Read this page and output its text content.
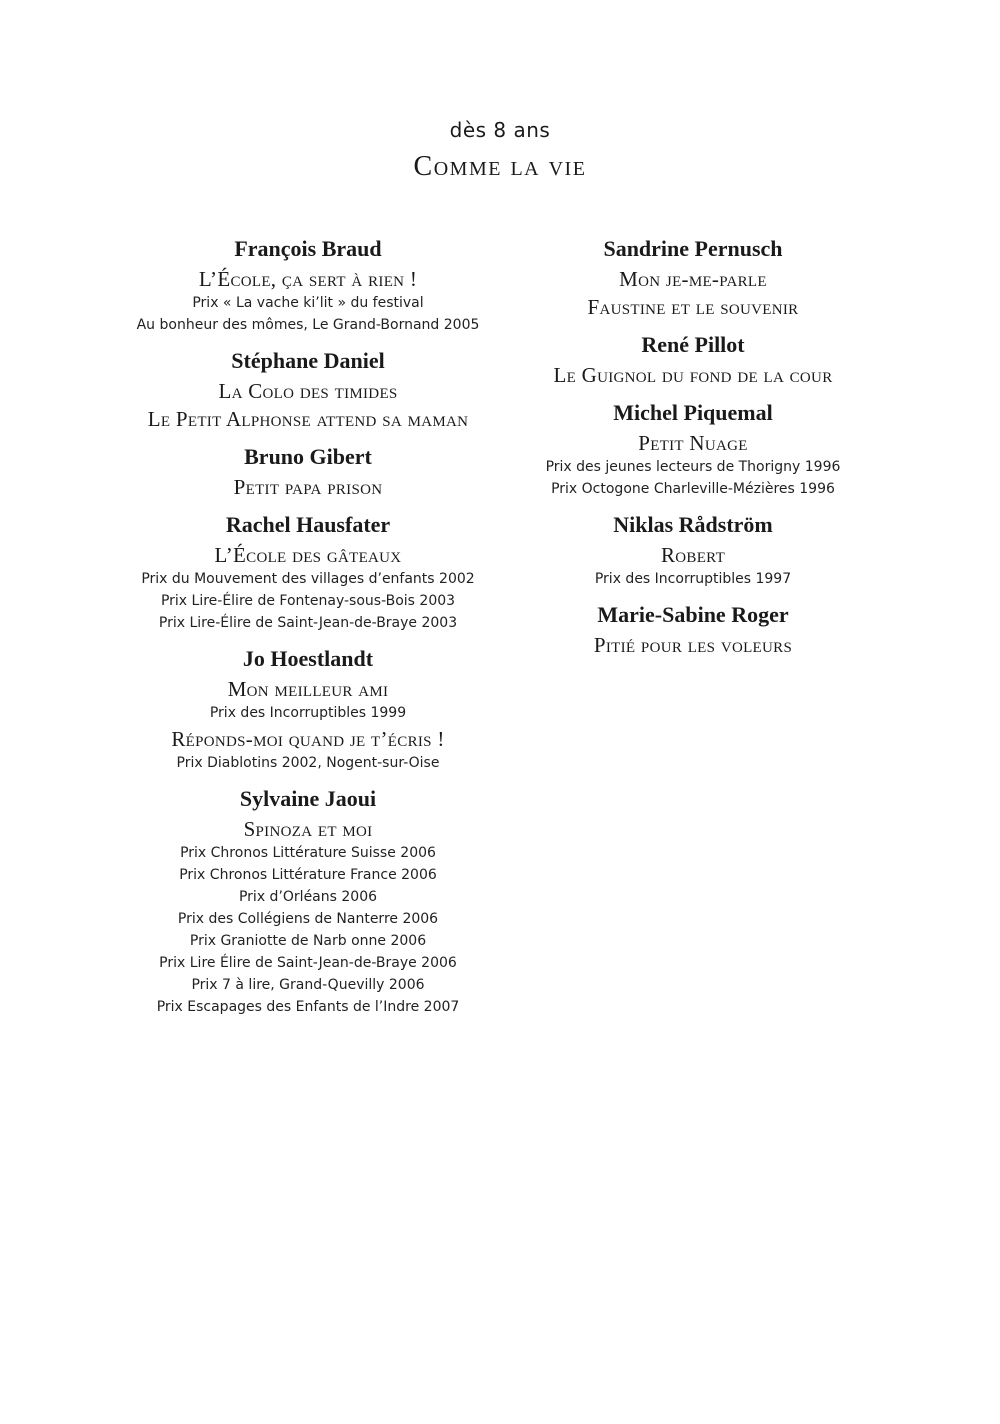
dès 8 ans
Comme la vie
François Braud
L’École, ça sert à rien !
Prix « La vache ki’lit » du festival
Au bonheur des mômes, Le Grand-Bornand 2005
Stéphane Daniel
La Colo des timides
Le Petit Alphonse attend sa maman
Bruno Gibert
Petit papa prison
Rachel Hausfater
L’École des gâteaux
Prix du Mouvement des villages d’enfants 2002
Prix Lire-Élire de Fontenay-sous-Bois 2003
Prix Lire-Élire de Saint-Jean-de-Braye 2003
Jo Hoestlandt
Mon meilleur ami
Prix des Incorruptibles 1999
Réponds-moi quand je t’écris !
Prix Diablotins 2002, Nogent-sur-Oise
Sylvaine Jaoui
Spinoza et moi
Prix Chronos Littérature Suisse 2006
Prix Chronos Littérature France 2006
Prix d’Orléans 2006
Prix des Collégiens de Nanterre 2006
Prix Graniotte de Narb onne 2006
Prix Lire Élire de Saint-Jean-de-Braye 2006
Prix 7 à lire, Grand-Quevilly 2006
Prix Escapages des Enfants de l’Indre 2007
Sandrine Pernusch
Mon je-me-parle
Faustine et le souvenir
René Pillot
Le Guignol du fond de la cour
Michel Piquemal
Petit Nuage
Prix des jeunes lecteurs de Thorigny 1996
Prix Octogone Charleville-Mézières 1996
Niklas Rådström
Robert
Prix des Incorruptibles 1997
Marie-Sabine Roger
Pitié pour les voleurs
